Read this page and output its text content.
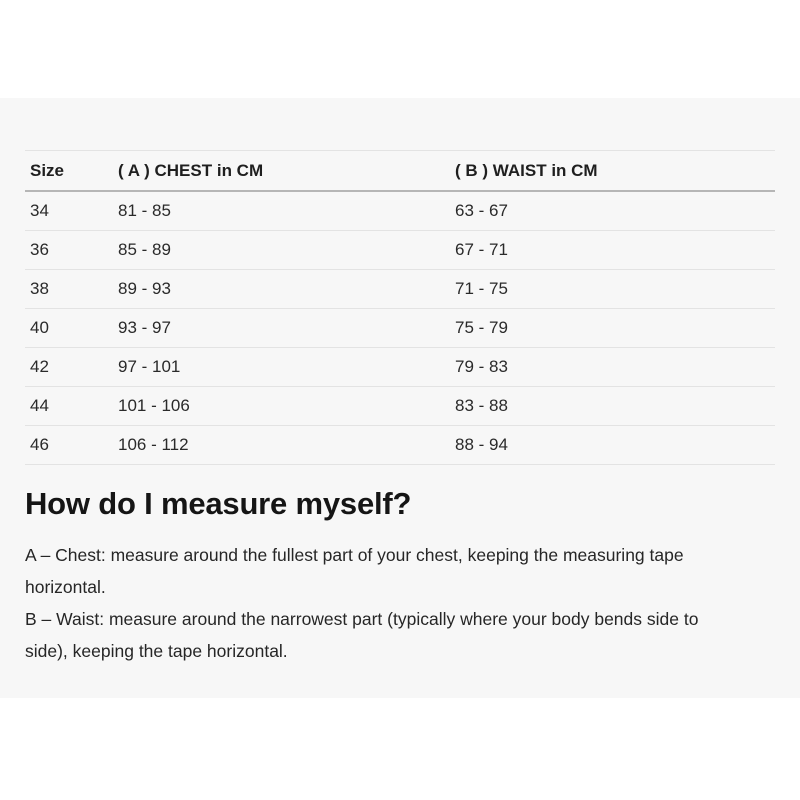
Size	( A ) CHEST in CM	( B ) WAIST in CM
34	81 - 85	63 - 67
36	85 - 89	67 - 71
38	89 - 93	71 - 75
40	93 - 97	75 - 79
42	97 - 101	79 - 83
44	101 - 106	83 - 88
46	106 - 112	88 - 94
How do I measure myself?
A – Chest: measure around the fullest part of your chest, keeping the measuring tape
horizontal.
B – Waist: measure around the narrowest part (typically where your body bends side to
side), keeping the tape horizontal.
